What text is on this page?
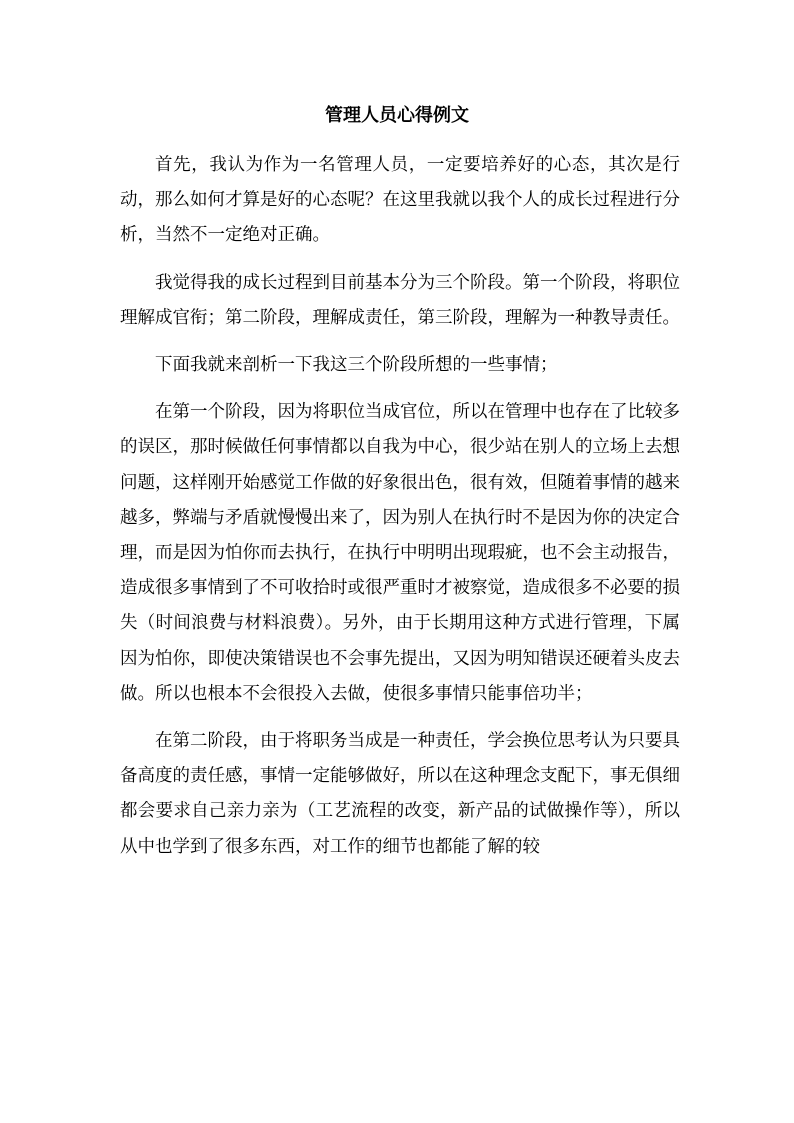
管理人员心得例文

首先，我认为作为一名管理人员，一定要培养好的心态，其次是行动，那么如何才算是好的心态呢？在这里我就以我个人的成长过程进行分析，当然不一定绝对正确。

我觉得我的成长过程到目前基本分为三个阶段。第一个阶段，将职位理解成官衔；第二阶段，理解成责任，第三阶段，理解为一种教导责任。

下面我就来剖析一下我这三个阶段所想的一些事情；

在第一个阶段，因为将职位当成官位，所以在管理中也存在了比较多的误区，那时候做任何事情都以自我为中心，很少站在别人的立场上去想问题，这样刚开始感觉工作做的好象很出色，很有效，但随着事情的越来越多，弊端与矛盾就慢慢出来了，因为别人在执行时不是因为你的决定合理，而是因为怕你而去执行，在执行中明明出现瑕疵，也不会主动报告，造成很多事情到了不可收拾时或很严重时才被察觉，造成很多不必要的损失（时间浪费与材料浪费）。另外，由于长期用这种方式进行管理，下属因为怕你，即使决策错误也不会事先提出，又因为明知错误还硬着头皮去做。所以也根本不会很投入去做，使很多事情只能事倍功半；

在第二阶段，由于将职务当成是一种责任，学会换位思考认为只要具备高度的责任感，事情一定能够做好，所以在这种理念支配下，事无俱细都会要求自己亲力亲为（工艺流程的改变，新产品的试做操作等），所以从中也学到了很多东西，对工作的细节也都能了解的较
